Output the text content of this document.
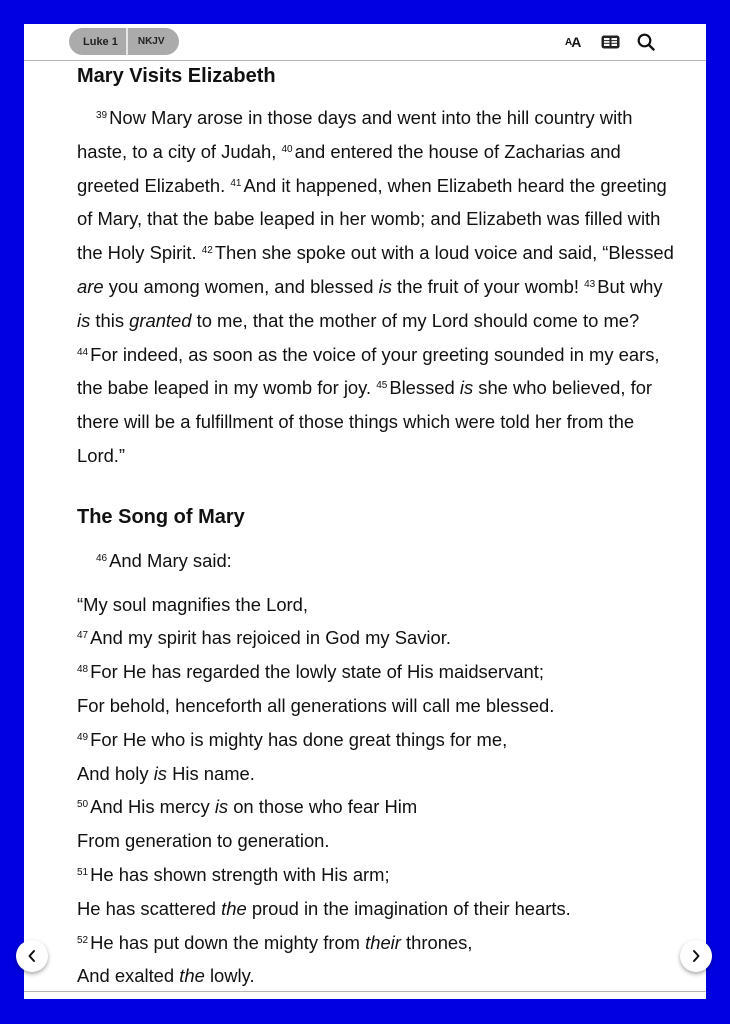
Luke 1	NKJV	A A
Mary Visits Elizabeth
$^{39}$ Now Mary arose in those days and went into the hill country with haste, to a city of Judah, $^{40}$ and entered the house of Zacharias and greeted Elizabeth. $^{41}$ And it happened, when Elizabeth heard the greeting of Mary, that the babe leaped in her womb; and Elizabeth was filled with the Holy Spirit. $^{42}$ Then she spoke out with a loud voice and said, “Blessed are you among women, and blessed is the fruit of your womb! $^{43}$ But why is this granted to me, that the mother of my Lord should come to me? $^{44}$ For indeed, as soon as the voice of your greeting sounded in my ears, the babe leaped in my womb for joy. $^{45}$ Blessed is she who believed, for there will be a fulfillment of those things which were told her from the Lord.”
The Song of Mary
$^{46}$ And Mary said:
“My soul magnifies the Lord,
$^{47}$ And my spirit has rejoiced in God my Savior.
$^{48}$ For He has regarded the lowly state of His maidservant;
For behold, henceforth all generations will call me blessed.
$^{49}$ For He who is mighty has done great things for me,
And holy is His name.
$^{50}$ And His mercy is on those who fear Him
From generation to generation.
$^{51}$ He has shown strength with His arm;
He has scattered the proud in the imagination of their hearts.
$^{52}$ He has put down the mighty from their thrones,
And exalted the lowly.
